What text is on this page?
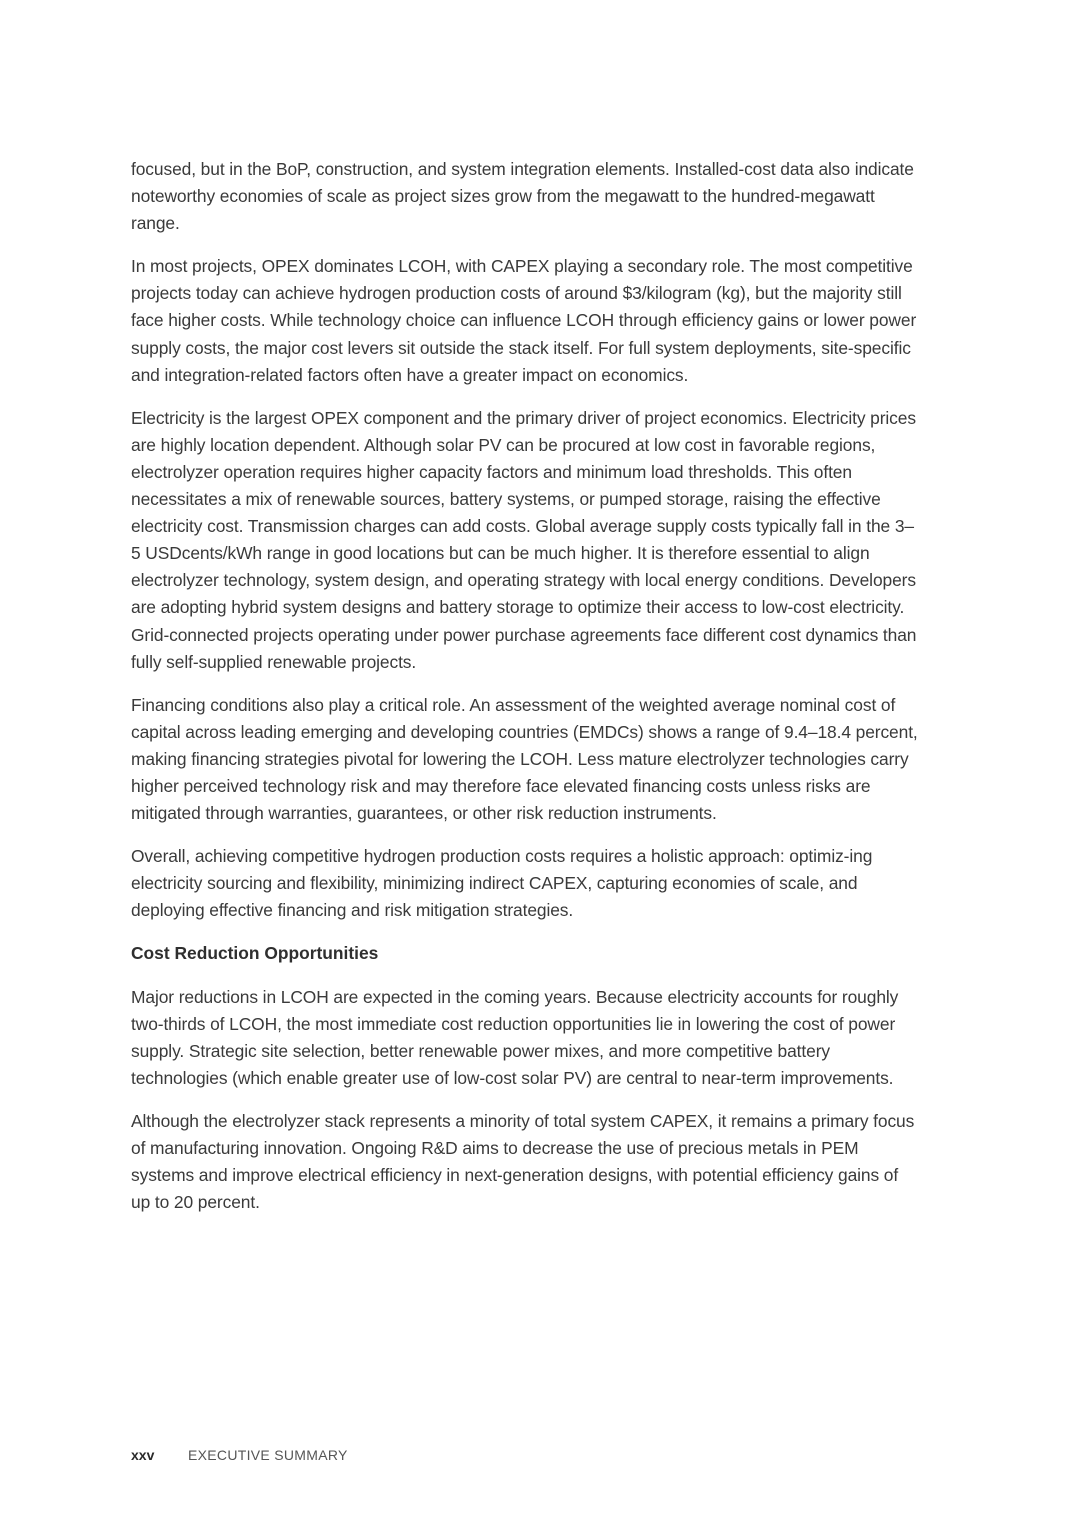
focused, but in the BoP, construction, and system integration elements. Installed-cost data also indicate noteworthy economies of scale as project sizes grow from the megawatt to the hundred-megawatt range.

In most projects, OPEX dominates LCOH, with CAPEX playing a secondary role. The most competitive projects today can achieve hydrogen production costs of around $3/kilogram (kg), but the majority still face higher costs. While technology choice can influence LCOH through efficiency gains or lower power supply costs, the major cost levers sit outside the stack itself. For full system deployments, site-specific and integration-related factors often have a greater impact on economics.

Electricity is the largest OPEX component and the primary driver of project economics. Electricity prices are highly location dependent. Although solar PV can be procured at low cost in favorable regions, electrolyzer operation requires higher capacity factors and minimum load thresholds. This often necessitates a mix of renewable sources, battery systems, or pumped storage, raising the effective electricity cost. Transmission charges can add costs. Global average supply costs typically fall in the 3–5 USDcents/kWh range in good locations but can be much higher. It is therefore essential to align electrolyzer technology, system design, and operating strategy with local energy conditions. Developers are adopting hybrid system designs and battery storage to optimize their access to low-cost electricity. Grid-connected projects operating under power purchase agreements face different cost dynamics than fully self-supplied renewable projects.

Financing conditions also play a critical role. An assessment of the weighted average nominal cost of capital across leading emerging and developing countries (EMDCs) shows a range of 9.4–18.4 percent, making financing strategies pivotal for lowering the LCOH. Less mature electrolyzer technologies carry higher perceived technology risk and may therefore face elevated financing costs unless risks are mitigated through warranties, guarantees, or other risk reduction instruments.

Overall, achieving competitive hydrogen production costs requires a holistic approach: optimiz-ing electricity sourcing and flexibility, minimizing indirect CAPEX, capturing economies of scale, and deploying effective financing and risk mitigation strategies.

Cost Reduction Opportunities

Major reductions in LCOH are expected in the coming years. Because electricity accounts for roughly two-thirds of LCOH, the most immediate cost reduction opportunities lie in lowering the cost of power supply. Strategic site selection, better renewable power mixes, and more competitive battery technologies (which enable greater use of low-cost solar PV) are central to near-term improvements.

Although the electrolyzer stack represents a minority of total system CAPEX, it remains a primary focus of manufacturing innovation. Ongoing R&D aims to decrease the use of precious metals in PEM systems and improve electrical efficiency in next-generation designs, with potential efficiency gains of up to 20 percent.

xxv	EXECUTIVE SUMMARY
